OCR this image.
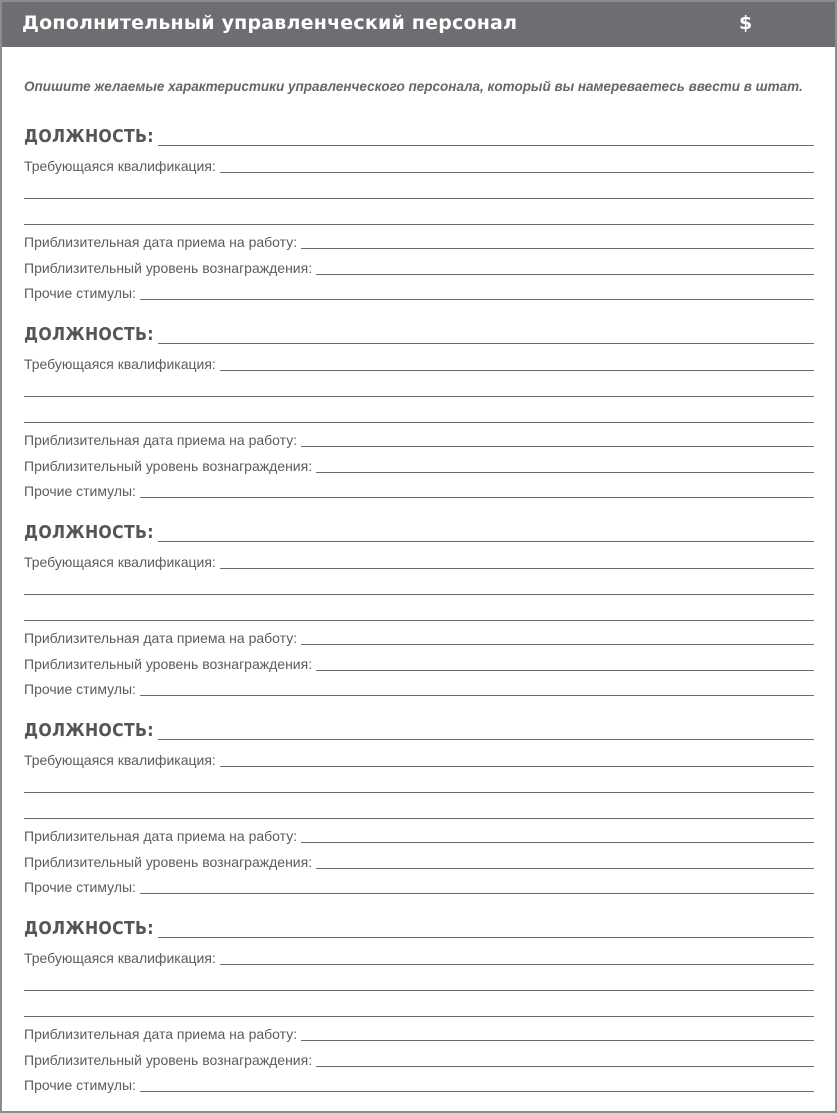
Дополнительный управленческий персонал	$
Опишите желаемые характеристики управленческого персонала, который вы намереваетесь ввести в штат.
ДОЛЖНОСТЬ:
Требующаяся квалификация:
Приблизительная дата приема на работу:
Приблизительный уровень вознаграждения:
Прочие стимулы:
ДОЛЖНОСТЬ:
Требующаяся квалификация:
Приблизительная дата приема на работу:
Приблизительный уровень вознаграждения:
Прочие стимулы:
ДОЛЖНОСТЬ:
Требующаяся квалификация:
Приблизительная дата приема на работу:
Приблизительный уровень вознаграждения:
Прочие стимулы:
ДОЛЖНОСТЬ:
Требующаяся квалификация:
Приблизительная дата приема на работу:
Приблизительный уровень вознаграждения:
Прочие стимулы:
ДОЛЖНОСТЬ:
Требующаяся квалификация:
Приблизительная дата приема на работу:
Приблизительный уровень вознаграждения:
Прочие стимулы:
